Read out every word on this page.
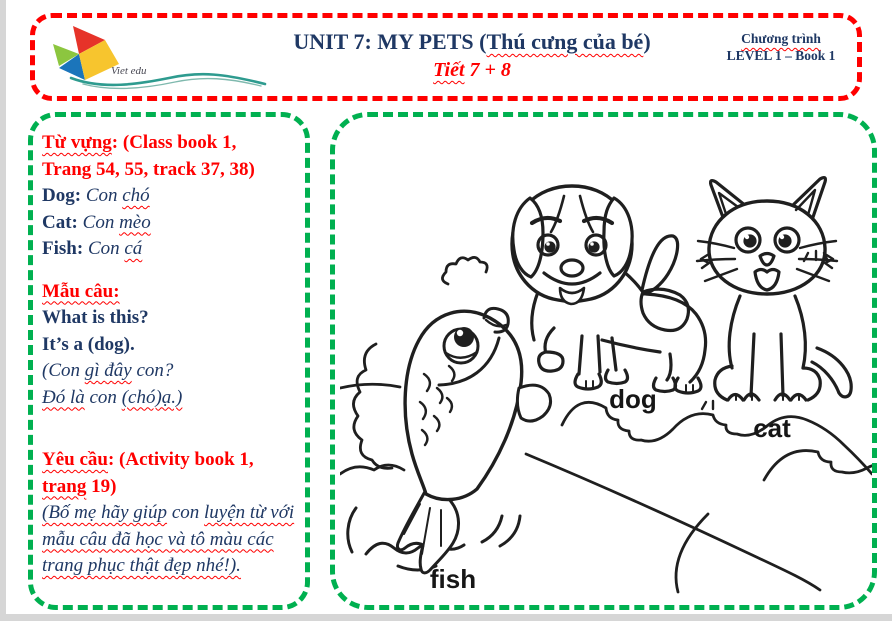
Viet edu
UNIT 7: MY PETS (Thú cưng của bé)
Tiết 7 + 8
Chương trình
LEVEL 1 – Book 1
Từ vựng: (Class book 1,
Trang 54, 55, track 37, 38)
Dog: Con chó
Cat: Con mèo
Fish: Con cá
Mẫu câu:
What is this?
It’s a (dog).
(Con gì đây con?
Đó là con (chó)ạ.)
Yêu cầu: (Activity book 1,
trang 19)
(Bố mẹ hãy giúp con luyện từ với
mẫu câu đã học và tô màu các
trang phục thật đẹp nhé!).
dog
cat
fish
